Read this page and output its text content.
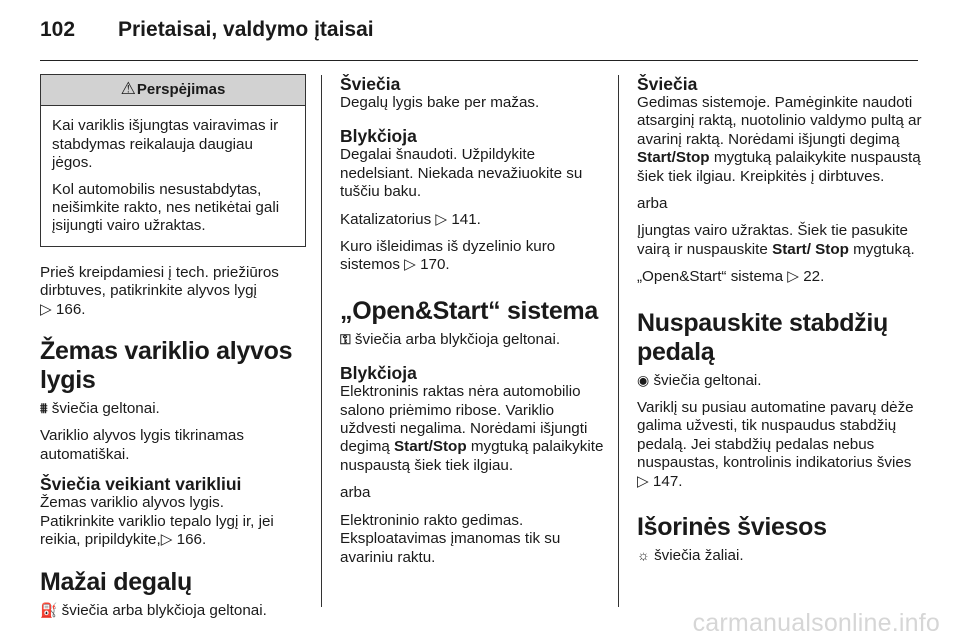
102 Prietaisai, valdymo įtaisai
⚠Perspėjimas

Kai variklis išjungtas vairavimas ir stabdymas reikalauja daugiau jėgos.

Kol automobilis nesustabdytas, neišimkite rakto, nes netikėtai gali įsijungti vairo užraktas.

Prieš kreipdamiesi į tech. priežiūros dirbtuves, patikrinkite alyvos lygį
▷ 166.

Žemas variklio alyvos lygis

⩩ šviečia geltonai.

Variklio alyvos lygis tikrinamas automatiškai.

Šviečia veikiant varikliui

Žemas variklio alyvos lygis.
Patikrinkite variklio tepalo lygį ir, jei reikia, pripildykite,▷ 166.

Mažai degalų

⛽ šviečia arba blykčioja geltonai.

Šviečia

Degalų lygis bake per mažas.

Blykčioja

Degalai šnaudoti. Užpildykite nedelsiant. Niekada nevažiuokite su tuščiu baku.

Katalizatorius ▷ 141.

Kuro išleidimas iš dyzelinio kuro sistemos ▷ 170.

„Open&Start“ sistema

⚿ šviečia arba blykčioja geltonai.

Blykčioja

Elektroninis raktas nėra automobilio salono priėmimo ribose. Variklio uždvesti negalima. Norėdami išjungti degimą Start/Stop mygtuką palaikykite nuspaustą šiek tiek ilgiau.

arba

Elektroninio rakto gedimas. Eksploatavimas įmanomas tik su avariniu raktu.

Šviečia

Gedimas sistemoje. Pamėginkite naudoti atsarginį raktą, nuotolinio valdymo pultą ar avarinį raktą. Norėdami išjungti degimą Start/Stop mygtuką palaikykite nuspaustą šiek tiek ilgiau. Kreipkitės į dirbtuves.

arba

Įjungtas vairo užraktas. Šiek tie pasukite vairą ir nuspauskite Start/ Stop mygtuką.

„Open&Start“ sistema ▷ 22.

Nuspauskite stabdžių pedalą

◉ šviečia geltonai.

Variklį su pusiau automatine pavarų dėže galima užvesti, tik nuspaudus stabdžių pedalą. Jei stabdžių pedalas nebus nuspaustas, kontrolinis indikatorius švies ▷ 147.

Išorinės šviesos

☼ šviečia žaliai.

carmanualsonline.info
